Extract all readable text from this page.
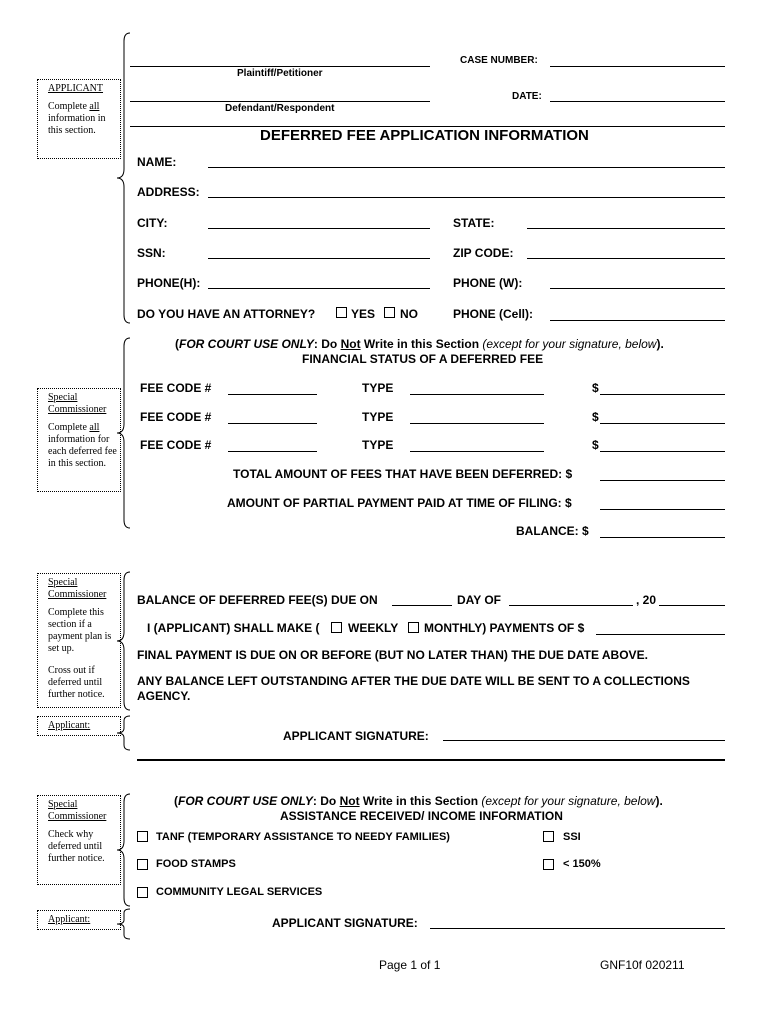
Plaintiff/Petitioner
CASE NUMBER:
Defendant/Respondent
DATE:
DEFERRED FEE APPLICATION INFORMATION
APPLICANT

Complete all information in this section.

NAME:
ADDRESS:
CITY:	STATE:
SSN:	ZIP CODE:
PHONE(H):	PHONE (W):
DO YOU HAVE AN ATTORNEY?	YES NO	PHONE (Cell):
(FOR COURT USE ONLY: Do Not Write in this Section (except for your signature, below).
FINANCIAL STATUS OF A DEFERRED FEE
Special Commissioner

Complete all information for each deferred fee in this section.

FEE CODE #	TYPE	$
FEE CODE #	TYPE	$
FEE CODE #	TYPE	$
TOTAL AMOUNT OF FEES THAT HAVE BEEN DEFERRED: $
AMOUNT OF PARTIAL PAYMENT PAID AT TIME OF FILING: $
BALANCE: $
Special Commissioner

Complete this section if a payment plan is set up.

Cross out if deferred until further notice.

BALANCE OF DEFERRED FEE(S) DUE ON	DAY OF	, 20
I (APPLICANT) SHALL MAKE ( WEEKLY MONTHLY) PAYMENTS OF $
FINAL PAYMENT IS DUE ON OR BEFORE (BUT NO LATER THAN) THE DUE DATE ABOVE.
ANY BALANCE LEFT OUTSTANDING AFTER THE DUE DATE WILL BE SENT TO A COLLECTIONS AGENCY.
Applicant:
APPLICANT SIGNATURE:
(FOR COURT USE ONLY: Do Not Write in this Section (except for your signature, below).
ASSISTANCE RECEIVED/ INCOME INFORMATION
Special Commissioner

Check why deferred until further notice.

TANF (TEMPORARY ASSISTANCE TO NEEDY FAMILIES)	SSI
FOOD STAMPS	< 150%
COMMUNITY LEGAL SERVICES
Applicant:	APPLICANT SIGNATURE:
Page 1 of 1	GNF10f 020211
